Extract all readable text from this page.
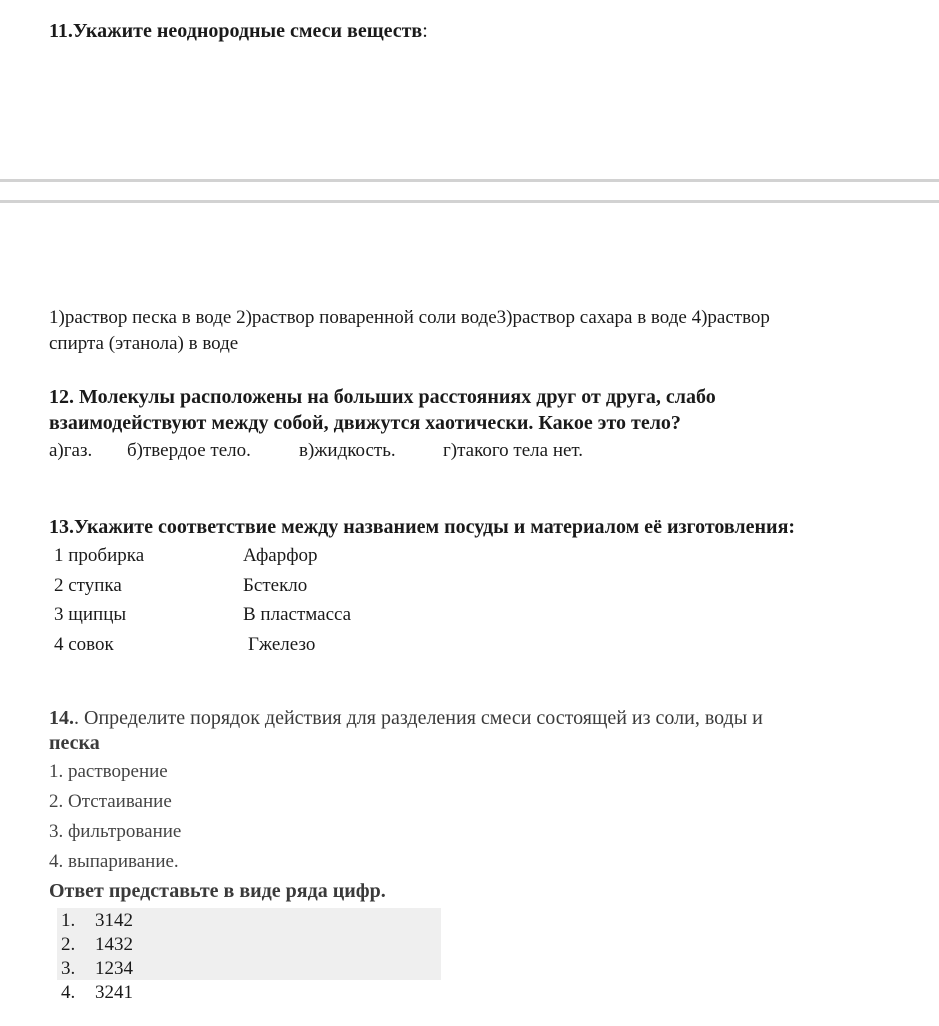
11.Укажите неоднородные смеси веществ:
1)раствор песка в воде 2)раствор поваренной соли воде3)раствор сахара в воде 4)раствор
спирта (этанола) в воде
12. Молекулы расположены на больших расстояниях друг от друга, слабо
взаимодействуют между собой, движутся хаотически. Какое это тело?
а)газ. б)твердое тело.	в)жидкость. г)такого тела нет.
13.Укажите соответствие между названием посуды и материалом её изготовления:
1 пробирка
2 ступка
3 щипцы
4 совок
Афарфор
Бстекло
В пластмасса
Гжелезо
14.. Определите порядок действия для разделения смеси состоящей из соли, воды и
песка
1. растворение
2. Отстаивание
3. фильтрование
4. выпаривание.
Ответ представьте в виде ряда цифр.
1. 3142
2. 1432
3. 1234
4. 3241
